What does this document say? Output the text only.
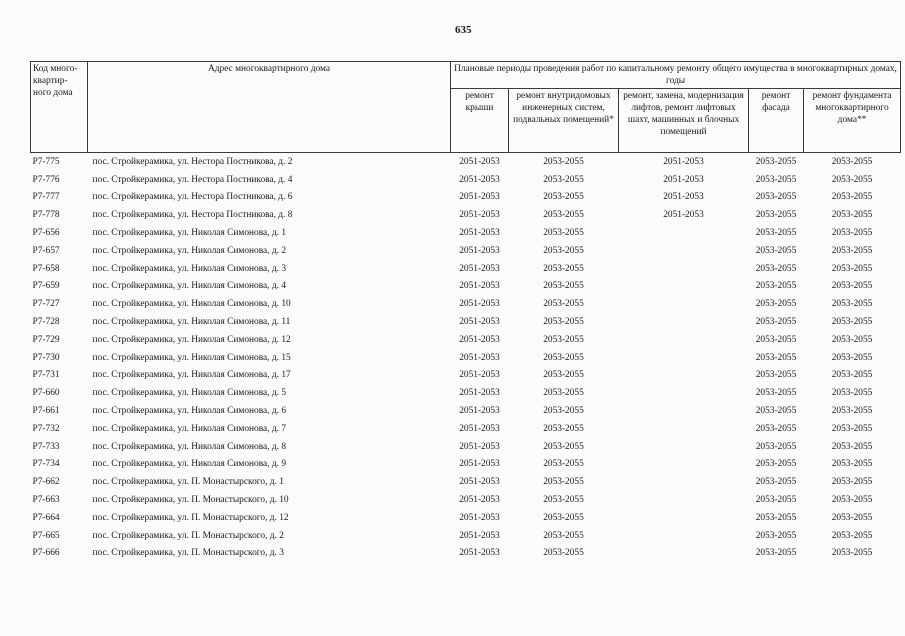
635
Код много-квартир-ного дома	Адрес многоквартирного дома	Плановые периоды проведения работ по капитальному ремонту общего имущества в многоквартирных домах, годы				
		ремонт крыши	ремонт внутридомовых инженерных систем, подвальных помещений*	ремонт, замена, модернизация лифтов, ремонт лифтовых шахт, машинных и блочных помещений	ремонт фасада	ремонт фундамента многоквартирного дома**
Р7-775	пос. Стройкерамика, ул. Нестора Постникова, д. 2	2051-2053	2053-2055	2051-2053	2053-2055	2053-2055
Р7-776	пос. Стройкерамика, ул. Нестора Постникова, д. 4	2051-2053	2053-2055	2051-2053	2053-2055	2053-2055
Р7-777	пос. Стройкерамика, ул. Нестора Постникова, д. 6	2051-2053	2053-2055	2051-2053	2053-2055	2053-2055
Р7-778	пос. Стройкерамика, ул. Нестора Постникова, д. 8	2051-2053	2053-2055	2051-2053	2053-2055	2053-2055
Р7-656	пос. Стройкерамика, ул. Николая Симонова, д. 1	2051-2053	2053-2055		2053-2055	2053-2055
Р7-657	пос. Стройкерамика, ул. Николая Симонова, д. 2	2051-2053	2053-2055		2053-2055	2053-2055
Р7-658	пос. Стройкерамика, ул. Николая Симонова, д. 3	2051-2053	2053-2055		2053-2055	2053-2055
Р7-659	пос. Стройкерамика, ул. Николая Симонова, д. 4	2051-2053	2053-2055		2053-2055	2053-2055
Р7-727	пос. Стройкерамика, ул. Николая Симонова, д. 10	2051-2053	2053-2055		2053-2055	2053-2055
Р7-728	пос. Стройкерамика, ул. Николая Симонова, д. 11	2051-2053	2053-2055		2053-2055	2053-2055
Р7-729	пос. Стройкерамика, ул. Николая Симонова, д. 12	2051-2053	2053-2055		2053-2055	2053-2055
Р7-730	пос. Стройкерамика, ул. Николая Симонова, д. 15	2051-2053	2053-2055		2053-2055	2053-2055
Р7-731	пос. Стройкерамика, ул. Николая Симонова, д. 17	2051-2053	2053-2055		2053-2055	2053-2055
Р7-660	пос. Стройкерамика, ул. Николая Симонова, д. 5	2051-2053	2053-2055		2053-2055	2053-2055
Р7-661	пос. Стройкерамика, ул. Николая Симонова, д. 6	2051-2053	2053-2055		2053-2055	2053-2055
Р7-732	пос. Стройкерамика, ул. Николая Симонова, д. 7	2051-2053	2053-2055		2053-2055	2053-2055
Р7-733	пос. Стройкерамика, ул. Николая Симонова, д. 8	2051-2053	2053-2055		2053-2055	2053-2055
Р7-734	пос. Стройкерамика, ул. Николая Симонова, д. 9	2051-2053	2053-2055		2053-2055	2053-2055
Р7-662	пос. Стройкерамика, ул. П. Монастырского, д. 1	2051-2053	2053-2055		2053-2055	2053-2055
Р7-663	пос. Стройкерамика, ул. П. Монастырского, д. 10	2051-2053	2053-2055		2053-2055	2053-2055
Р7-664	пос. Стройкерамика, ул. П. Монастырского, д. 12	2051-2053	2053-2055		2053-2055	2053-2055
Р7-665	пос. Стройкерамика, ул. П. Монастырского, д. 2	2051-2053	2053-2055		2053-2055	2053-2055
Р7-666	пос. Стройкерамика, ул. П. Монастырского, д. 3	2051-2053	2053-2055		2053-2055	2053-2055
